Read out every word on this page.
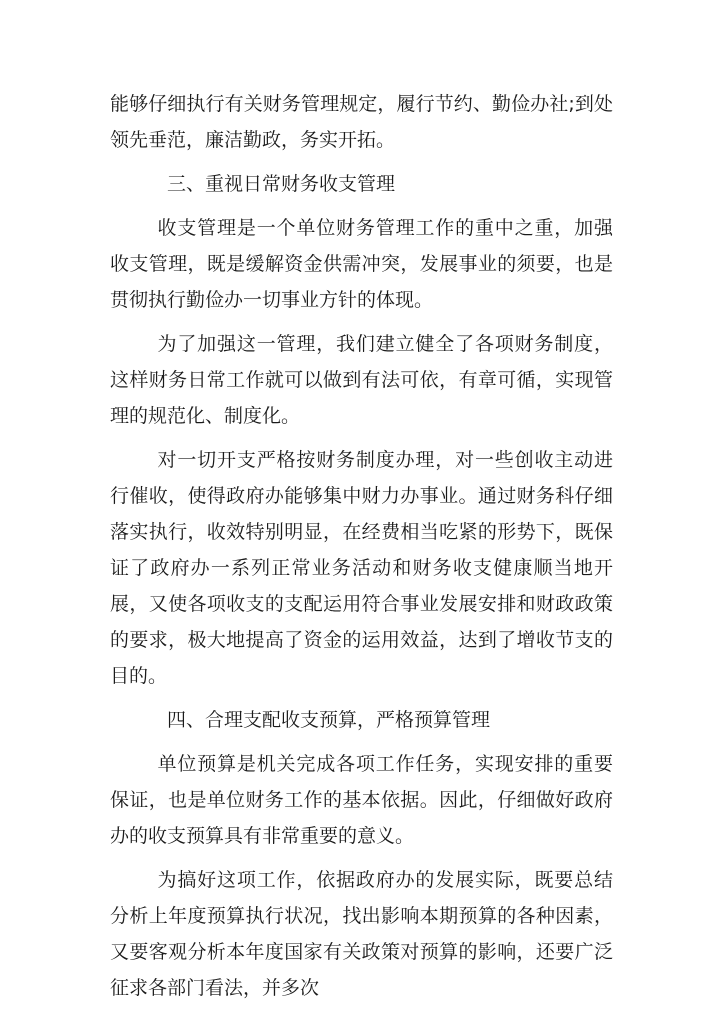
能够仔细执行有关财务管理规定，履行节约、勤俭办社;到处领先垂范，廉洁勤政，务实开拓。

三、重视日常财务收支管理

收支管理是一个单位财务管理工作的重中之重，加强收支管理，既是缓解资金供需冲突，发展事业的须要，也是贯彻执行勤俭办一切事业方针的体现。

为了加强这一管理，我们建立健全了各项财务制度，这样财务日常工作就可以做到有法可依，有章可循，实现管理的规范化、制度化。

对一切开支严格按财务制度办理，对一些创收主动进行催收，使得政府办能够集中财力办事业。通过财务科仔细落实执行，收效特别明显，在经费相当吃紧的形势下，既保证了政府办一系列正常业务活动和财务收支健康顺当地开展，又使各项收支的支配运用符合事业发展安排和财政政策的要求，极大地提高了资金的运用效益，达到了增收节支的目的。

四、合理支配收支预算，严格预算管理

单位预算是机关完成各项工作任务，实现安排的重要保证，也是单位财务工作的基本依据。因此，仔细做好政府办的收支预算具有非常重要的意义。

为搞好这项工作，依据政府办的发展实际，既要总结分析上年度预算执行状况，找出影响本期预算的各种因素，又要客观分析本年度国家有关政策对预算的影响，还要广泛征求各部门看法，并多次
